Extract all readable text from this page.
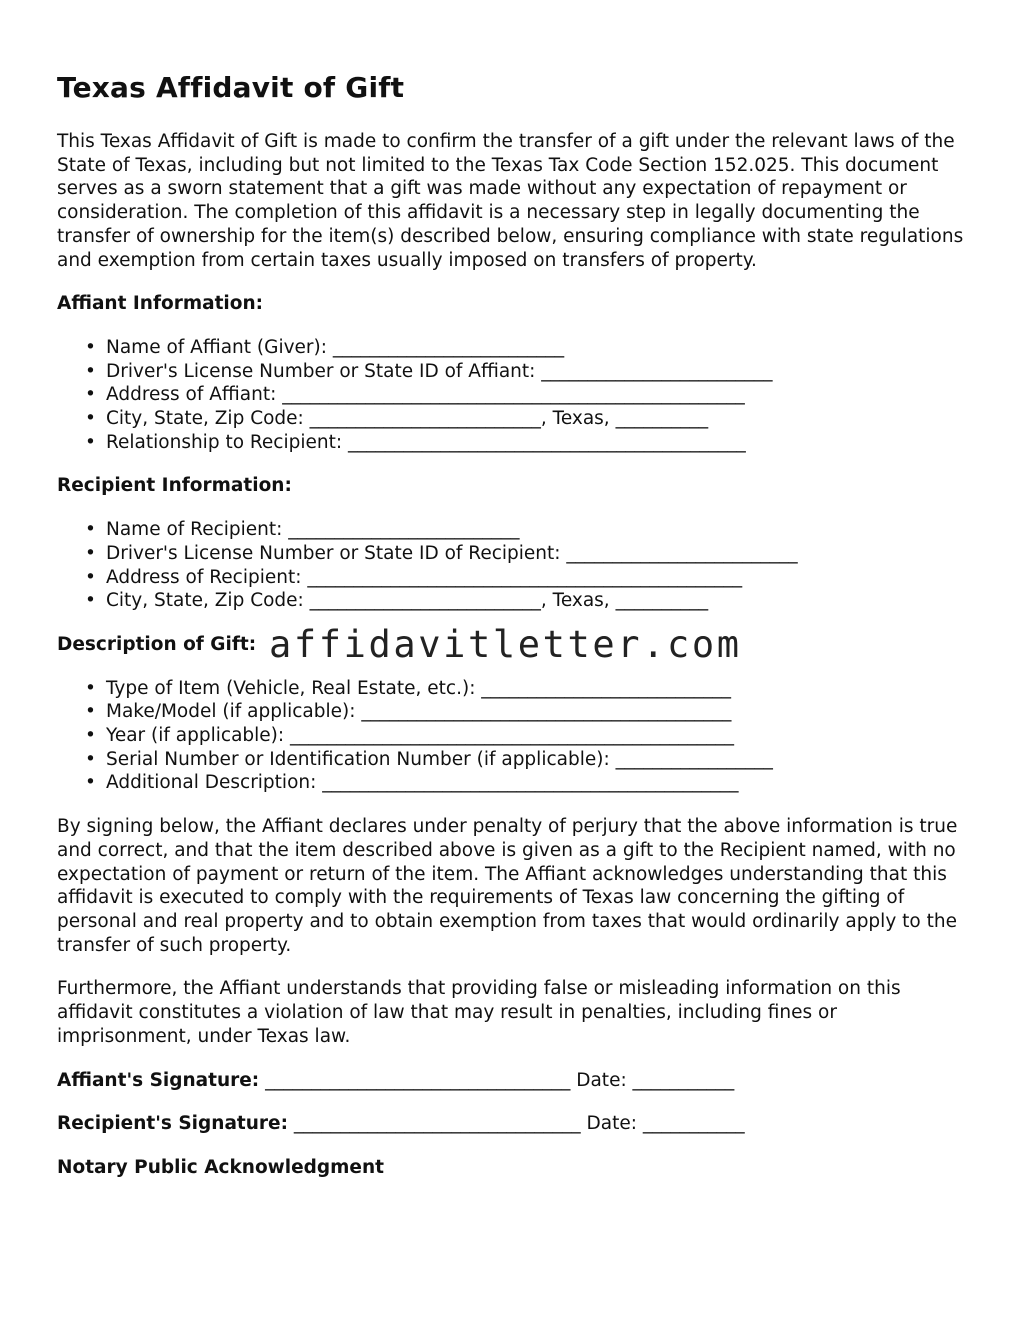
Texas Affidavit of Gift

This Texas Affidavit of Gift is made to confirm the transfer of a gift under the relevant laws of the State of Texas, including but not limited to the Texas Tax Code Section 152.025. This document serves as a sworn statement that a gift was made without any expectation of repayment or consideration. The completion of this affidavit is a necessary step in legally documenting the transfer of ownership for the item(s) described below, ensuring compliance with state regulations and exemption from certain taxes usually imposed on transfers of property.

Affiant Information:
• Name of Affiant (Giver): _________________________
• Driver's License Number or State ID of Affiant: _________________________
• Address of Affiant: __________________________________________________
• City, State, Zip Code: _________________________, Texas, __________
• Relationship to Recipient: ___________________________________________
Recipient Information:
• Name of Recipient: _________________________
• Driver's License Number or State ID of Recipient: _________________________
• Address of Recipient: _______________________________________________
• City, State, Zip Code: _________________________, Texas, __________
Description of Gift: affidavitletter.com
• Type of Item (Vehicle, Real Estate, etc.): ___________________________
• Make/Model (if applicable): ________________________________________
• Year (if applicable): ________________________________________________
• Serial Number or Identification Number (if applicable): _________________
• Additional Description: _____________________________________________

By signing below, the Affiant declares under penalty of perjury that the above information is true and correct, and that the item described above is given as a gift to the Recipient named, with no expectation of payment or return of the item. The Affiant acknowledges understanding that this affidavit is executed to comply with the requirements of Texas law concerning the gifting of personal and real property and to obtain exemption from taxes that would ordinarily apply to the transfer of such property.

Furthermore, the Affiant understands that providing false or misleading information on this affidavit constitutes a violation of law that may result in penalties, including fines or imprisonment, under Texas law.

Affiant's Signature: _________________________________ Date: ___________
Recipient's Signature: _______________________________ Date: ___________
Notary Public Acknowledgment
